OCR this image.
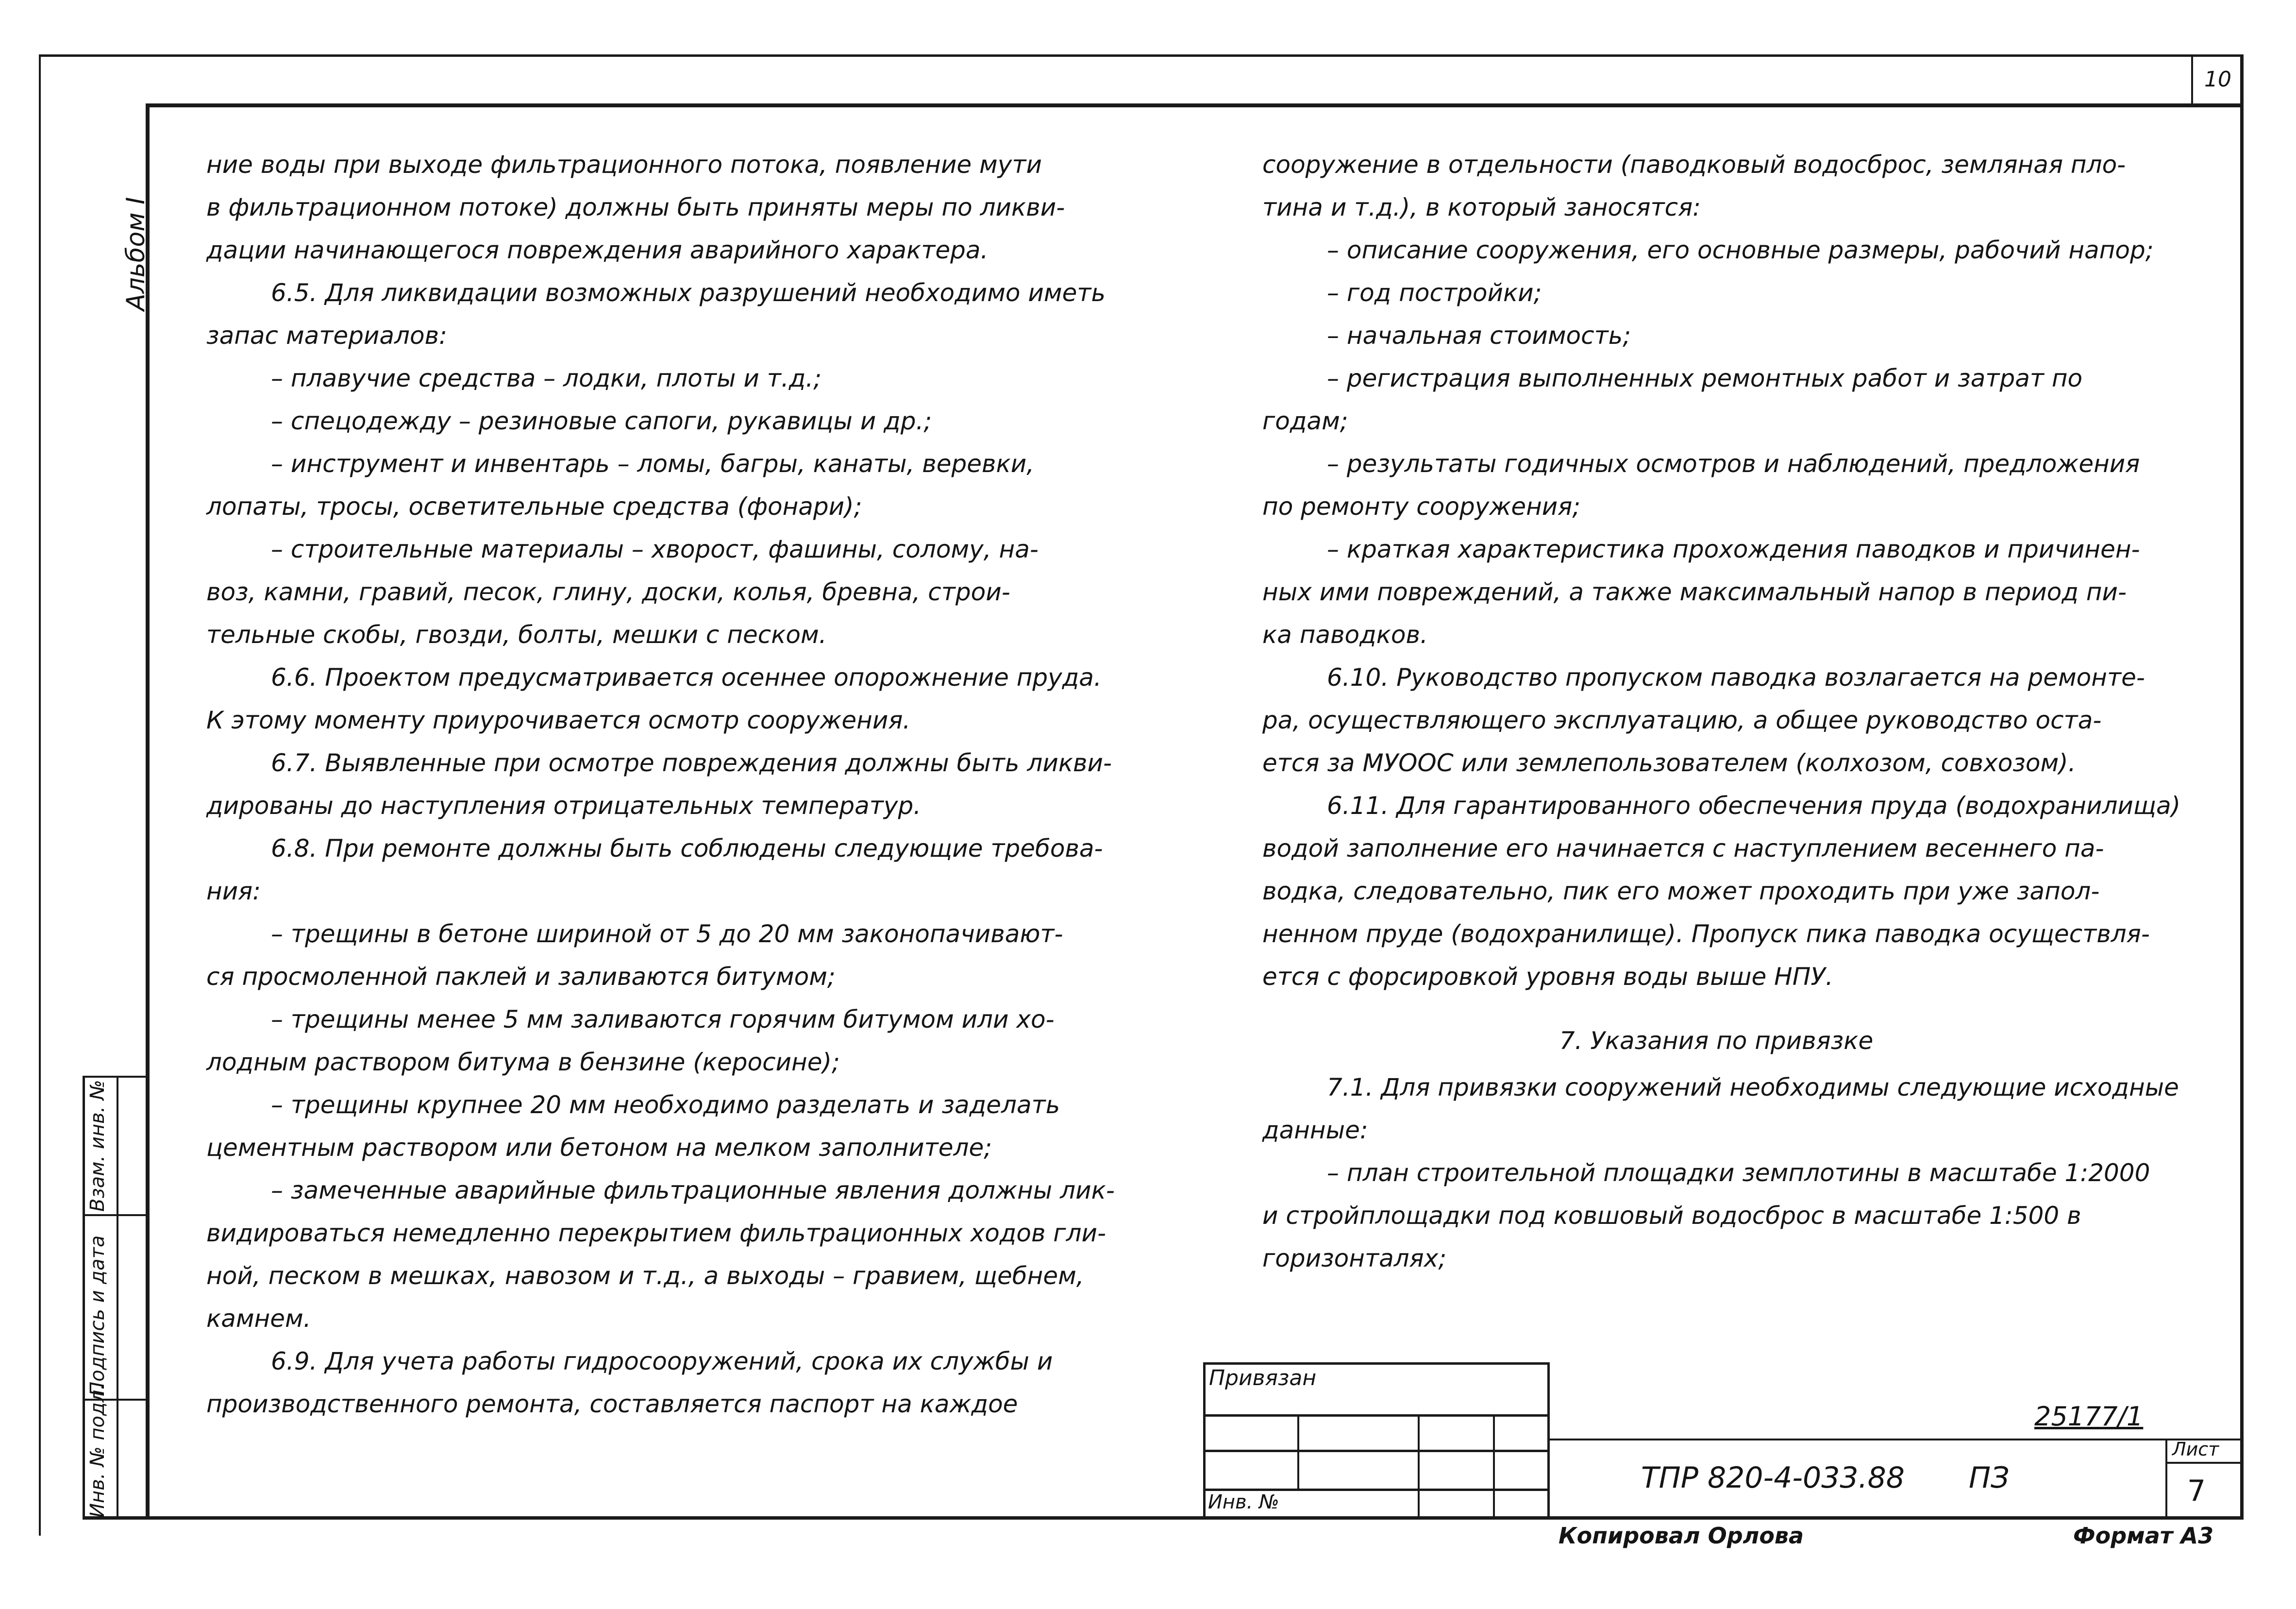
10
Альбом I
Взам. инв. №
Подпись и дата
Инв. № подл.

ние воды при выходе фильтрационного потока, появление мути

в фильтрационном потоке) должны быть приняты меры по ликви-

дации начинающегося повреждения аварийного характера.

6.5. Для ликвидации возможных разрушений необходимо иметь

запас материалов:

– плавучие средства – лодки, плоты и т.д.;

– спецодежду – резиновые сапоги, рукавицы и др.;

– инструмент и инвентарь – ломы, багры, канаты, веревки,

лопаты, тросы, осветительные средства (фонари);

– строительные материалы – хворост, фашины, солому, на-

воз, камни, гравий, песок, глину, доски, колья, бревна, строи-

тельные скобы, гвозди, болты, мешки с песком.

6.6. Проектом предусматривается осеннее опорожнение пруда.

К этому моменту приурочивается осмотр сооружения.

6.7. Выявленные при осмотре повреждения должны быть ликви-

дированы до наступления отрицательных температур.

6.8. При ремонте должны быть соблюдены следующие требова-

ния:

– трещины в бетоне шириной от 5 до 20 мм законопачивают-

ся просмоленной паклей и заливаются битумом;

– трещины менее 5 мм заливаются горячим битумом или хо-

лодным раствором битума в бензине (керосине);

– трещины крупнее 20 мм необходимо разделать и заделать

цементным раствором или бетоном на мелком заполнителе;

– замеченные аварийные фильтрационные явления должны лик-

видироваться немедленно перекрытием фильтрационных ходов гли-

ной, песком в мешках, навозом и т.д., а выходы – гравием, щебнем,

камнем.

6.9. Для учета работы гидросооружений, срока их службы и

производственного ремонта, составляется паспорт на каждое

сооружение в отдельности (паводковый водосброс, земляная пло-

тина и т.д.), в который заносятся:

– описание сооружения, его основные размеры, рабочий напор;

– год постройки;

– начальная стоимость;

– регистрация выполненных ремонтных работ и затрат по

годам;

– результаты годичных осмотров и наблюдений, предложения

по ремонту сооружения;

– краткая характеристика прохождения паводков и причинен-

ных ими повреждений, а также максимальный напор в период пи-

ка паводков.

6.10. Руководство пропуском паводка возлагается на ремонте-

ра, осуществляющего эксплуатацию, а общее руководство оста-

ется за МУООС или землепользователем (колхозом, совхозом).

6.11. Для гарантированного обеспечения пруда (водохранилища)

водой заполнение его начинается с наступлением весеннего па-

водка, следовательно, пик его может проходить при уже запол-

ненном пруде (водохранилище). Пропуск пика паводка осуществля-

ется с форсировкой уровня воды выше НПУ.

7. Указания по привязке

7.1. Для привязки сооружений необходимы следующие исходные

данные:

– план строительной площадки земплотины в масштабе 1:2000

и стройплощадки под ковшовый водосброс в масштабе 1:500 в

горизонталях;

Привязан
Инв. №
ТПР 820-4-033.88 ПЗ
Лист
7
25177/1
Копировал Орлова	Формат А3
